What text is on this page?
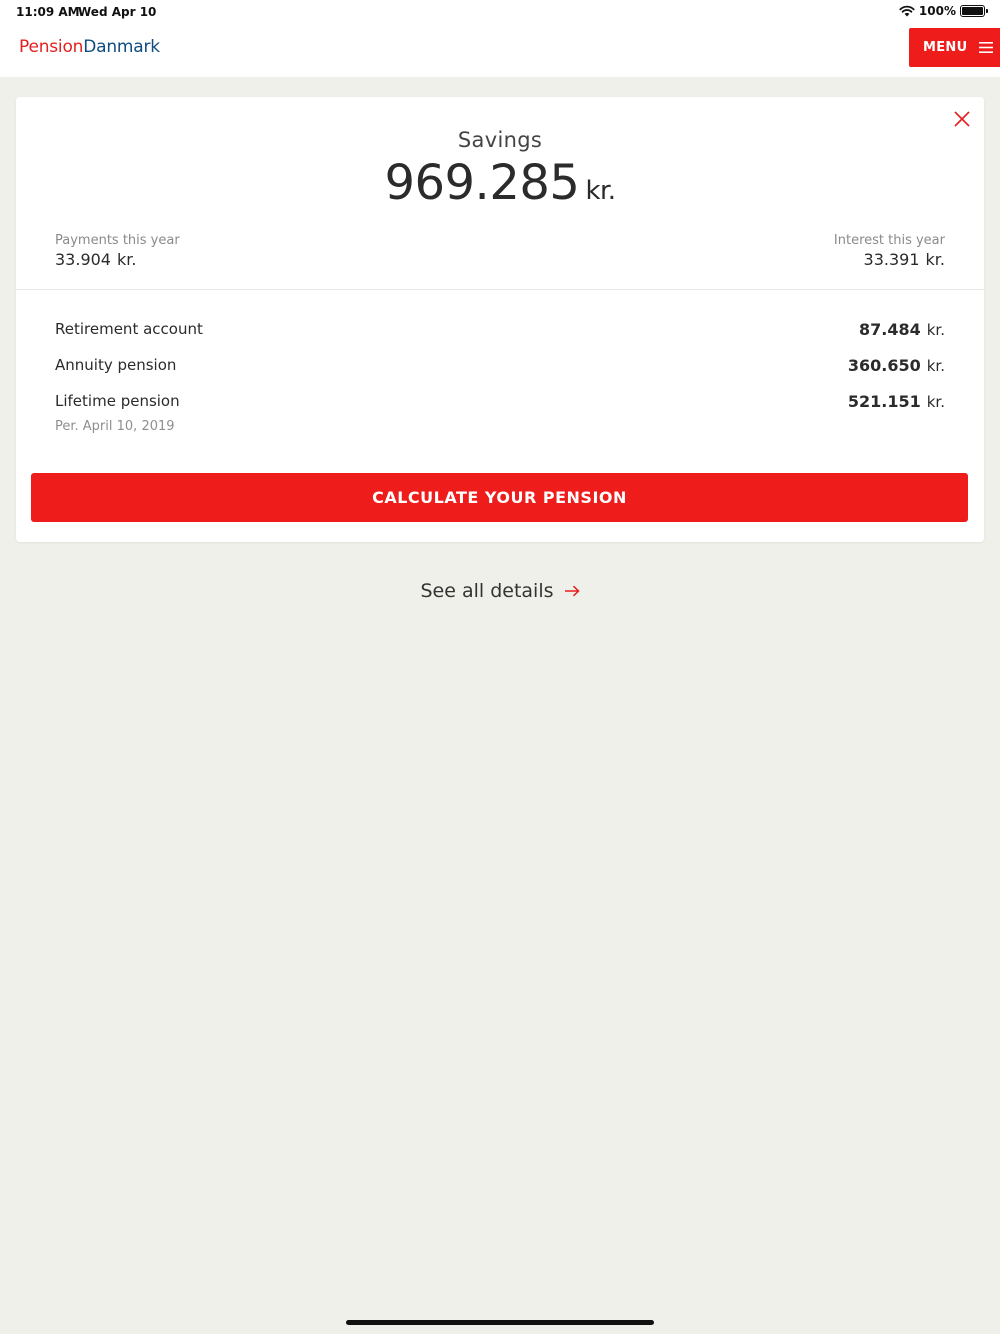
11:09 AM
Wed Apr 10	100%
PensionDanmark	MENU
Savings
969.285 kr.
Payments this year
33.904 kr.
Interest this year
33.391 kr.
Retirement account	87.484 kr.
Annuity pension	360.650 kr.
Lifetime pension	521.151 kr.
Per. April 10, 2019
CALCULATE YOUR PENSION
See all details
